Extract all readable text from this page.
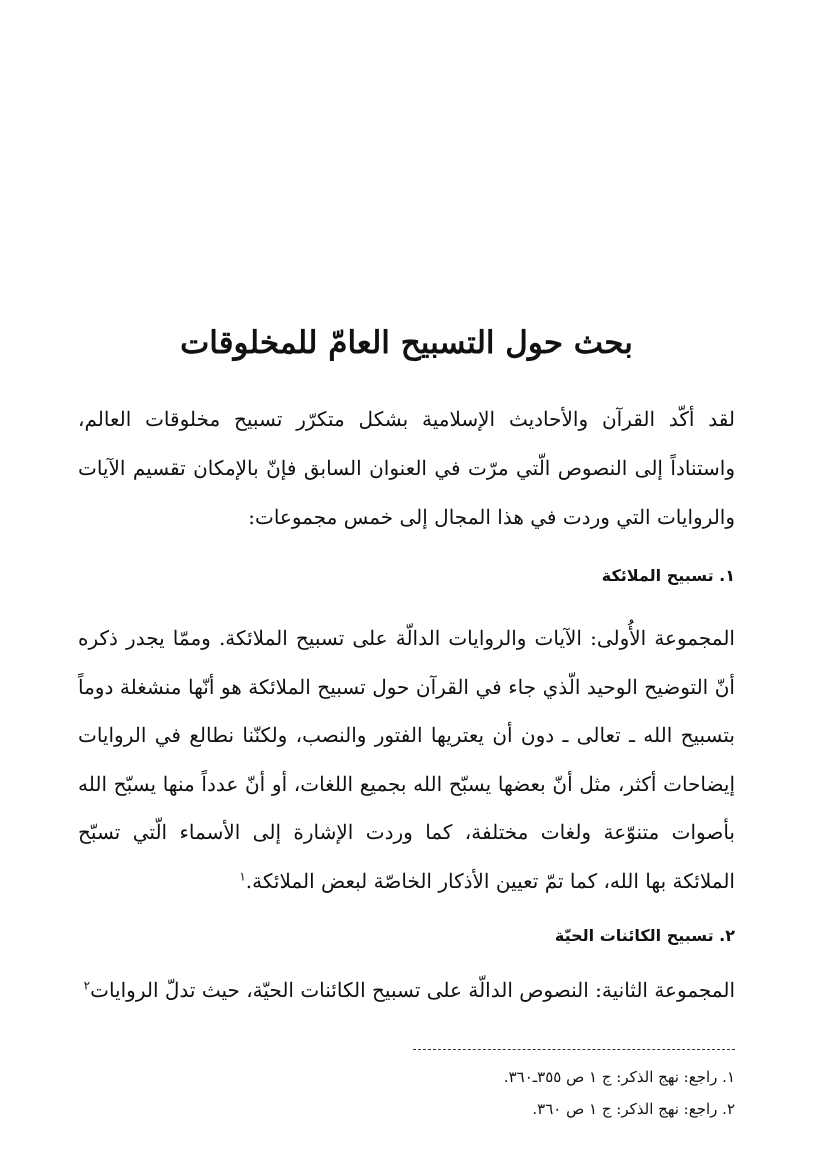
بحث حول التسبيح العامّ للمخلوقات

لقد أكّد القرآن والأحاديث الإسلامية بشكل متكرّر تسبيح مخلوقات العالم، واستناداً إلى النصوص الّتي مرّت في العنوان السابق فإنّ بالإمكان تقسيم الآيات والروايات التي وردت في هذا المجال إلى خمس مجموعات:

١. تسبيح الملائكة

المجموعة الأُولى: الآيات والروايات الدالّة على تسبيح الملائكة. وممّا يجدر ذكره أنّ التوضيح الوحيد الّذي جاء في القرآن حول تسبيح الملائكة هو أنّها منشغلة دوماً بتسبيح الله ـ تعالى ـ دون أن يعتريها الفتور والنصب، ولكنّنا نطالع في الروايات إيضاحات أكثر، مثل أنّ بعضها يسبّح الله بجميع اللغات، أو أنّ عدداً منها يسبّح الله بأصوات متنوّعة ولغات مختلفة، كما وردت الإشارة إلى الأسماء الّتي تسبّح الملائكة بها الله، كما تمّ تعيين الأذكار الخاصّة لبعض الملائكة.$^١$

٢. تسبيح الكائنات الحيّة

المجموعة الثانية: النصوص الدالّة على تسبيح الكائنات الحيّة، حيث تدلّ الروايات$^٢$

١. راجع: نهج الذكر: ج ١ ص ٣٥٥ـ٣٦٠.
٢. راجع: نهج الذكر: ج ١ ص ٣٦٠.
